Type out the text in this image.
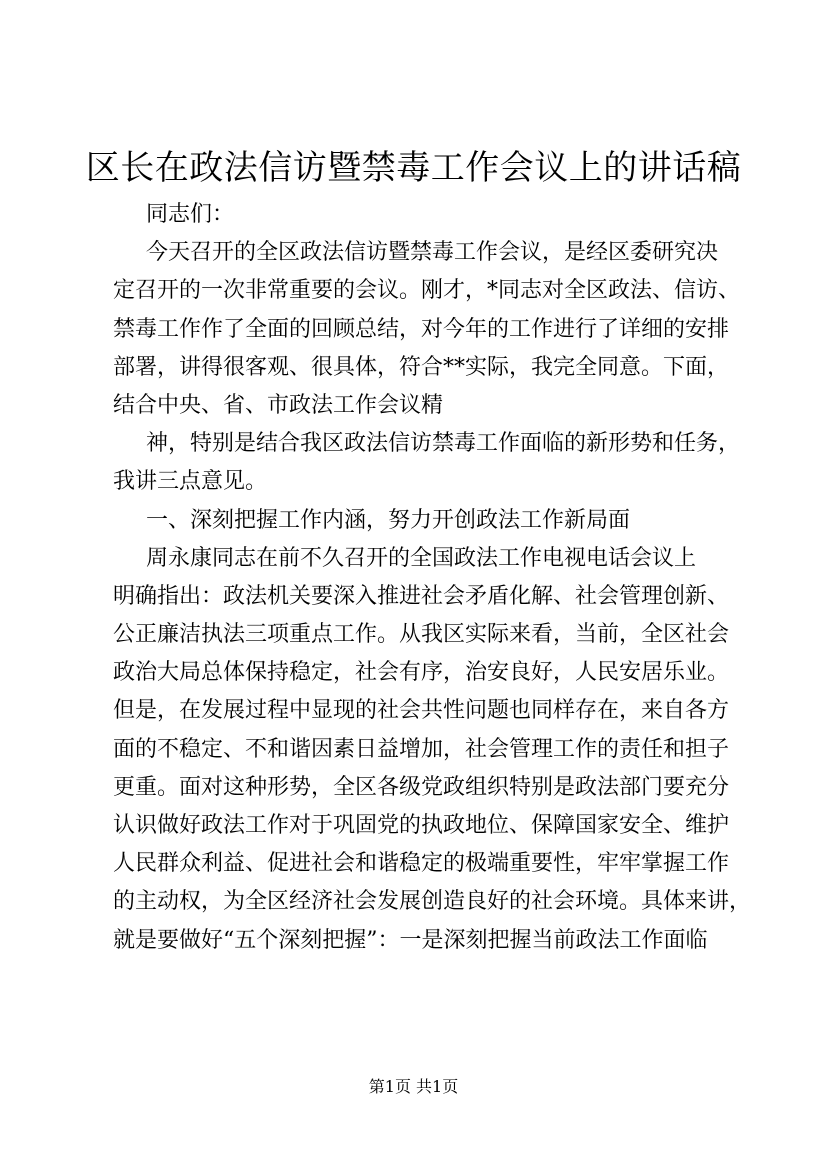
区长在政法信访暨禁毒工作会议上的讲话稿
同志们：
今天召开的全区政法信访暨禁毒工作会议，是经区委研究决
定召开的一次非常重要的会议。刚才，*同志对全区政法、信访、
禁毒工作作了全面的回顾总结，对今年的工作进行了详细的安排
部署，讲得很客观、很具体，符合**实际，我完全同意。下面，
结合中央、省、市政法工作会议精
神，特别是结合我区政法信访禁毒工作面临的新形势和任务，
我讲三点意见。
一、深刻把握工作内涵，努力开创政法工作新局面
周永康同志在前不久召开的全国政法工作电视电话会议上
明确指出：政法机关要深入推进社会矛盾化解、社会管理创新、
公正廉洁执法三项重点工作。从我区实际来看，当前，全区社会
政治大局总体保持稳定，社会有序，治安良好，人民安居乐业。
但是，在发展过程中显现的社会共性问题也同样存在，来自各方
面的不稳定、不和谐因素日益增加，社会管理工作的责任和担子
更重。面对这种形势，全区各级党政组织特别是政法部门要充分
认识做好政法工作对于巩固党的执政地位、保障国家安全、维护
人民群众利益、促进社会和谐稳定的极端重要性，牢牢掌握工作
的主动权，为全区经济社会发展创造良好的社会环境。具体来讲，
就是要做好“五个深刻把握”：一是深刻把握当前政法工作面临
第1页 共1页
